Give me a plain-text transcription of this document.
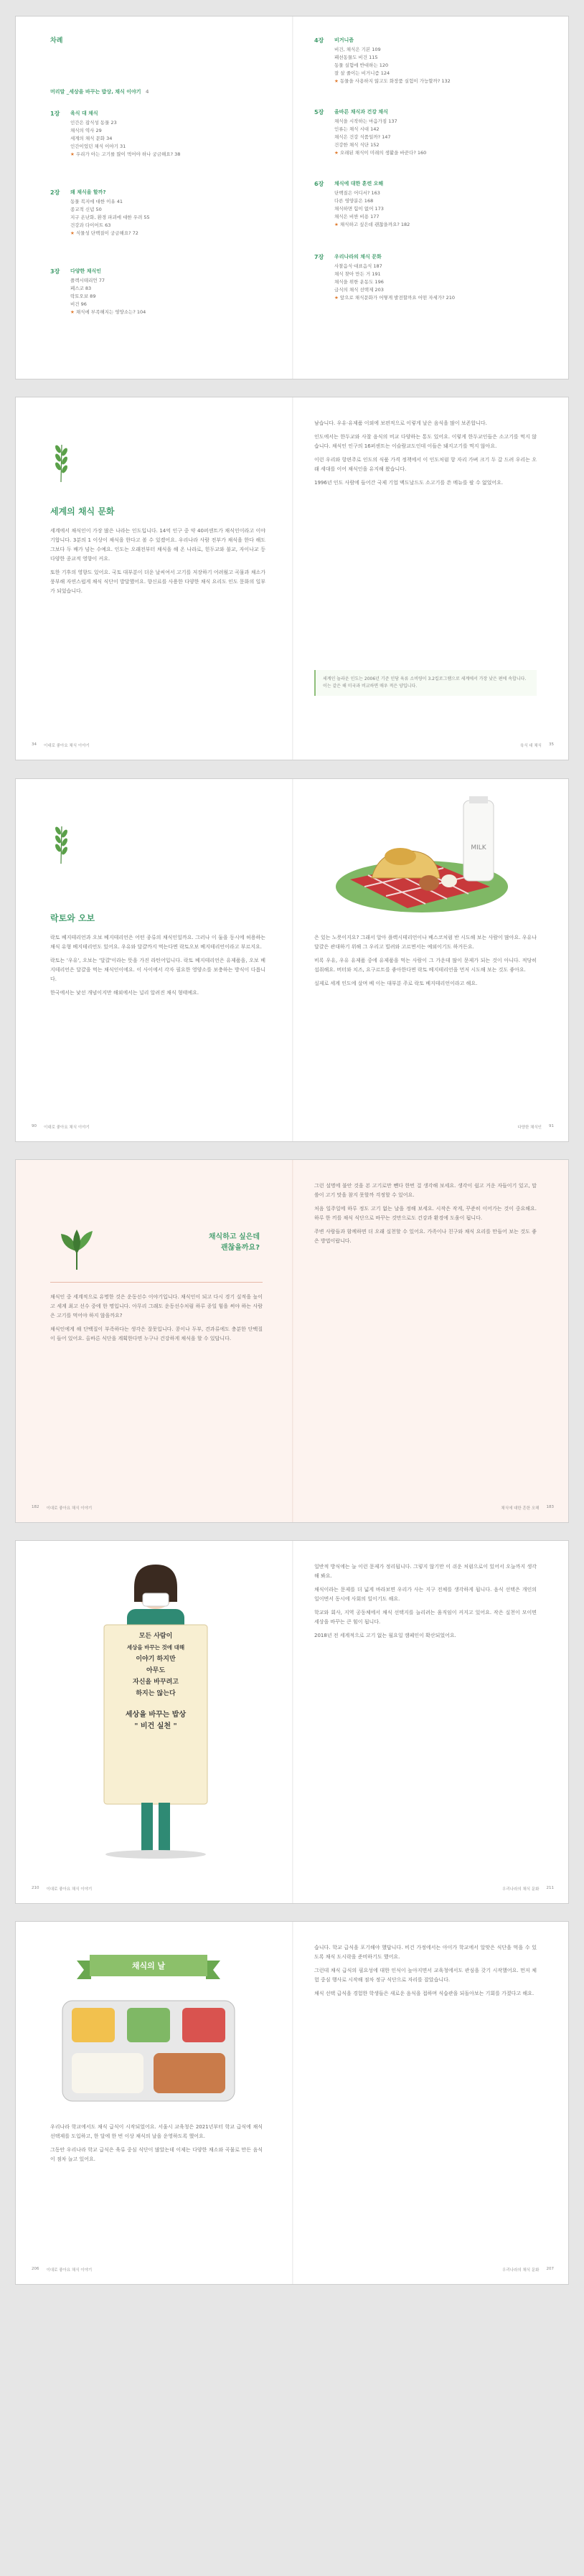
차례
머리말 _세상을 바꾸는 밥상, 채식 이야기 4
1장 육식 대 채식
인간은 잡식성 동물 23
채식의 역사 29
세계의 채식 문화 34
인간이었던 채식 이야기 31
★ 우리가 아는 고기를 많이 먹어야 하나 궁금해요? 38
2장 왜 채식을 할까?
동물 복지에 대한 이유 41
종교적 신념 50
지구 온난화, 환경 파괴에 대한 우려 55
건강과 다이어트 63
★ 식물성 단백질이 궁금해요? 72
3장 다양한 채식인
플렉시테리언 77
페스코 83
락토오보 89
비건 96
★ 채식에 부족해지는 영양소는? 104
4장 비거니즘
비건, 채식은 기본 109
패션동물도 비건 115
동물 실험에 반대하는 120
잘 살 줄이는 비거니즘 124
★ 동물을 사용하지 않고도 화장품 실험이 가능할까? 132
5장 올바른 채식과 건강 채식
채식을 시작하는 마음가짐 137
인류는 채식 시대 142
채식은 건강 식품일까? 147
건강한 채식 식단 152
★ 오래된 채식이 미래의 생활을 바꾼다? 160
6장 채식에 대한 훈련 오해
단백질은 어디서? 163
다른 영양분은 168
채식하면 힘이 없어 173
채식은 비싼 비용 177
★ 채식하고 싶은데 괜찮을까요? 182
7장 우리나라의 채식 문화
사찰음식·대표음식 187
채식 찾아 만든 거 191
채식을 위한 운동도 196
급식의 채식 선택제 203
★ 앞으로 채식문화가 어떻게 발전할까요 어떤 자세가? 210
세계의 채식 문화

세계에서 채식인이 가장 많은 나라는 인도입니다. 14억 인구 중 약 40퍼센트가 채식인이라고 이야기합니다. 3분의 1 이상이 채식을 한다고 볼 수 있겠어요. 우리나라 사람 전부가 채식을 한다 해도 그보다 두 배가 넘는 수예요. 인도는 오래전부터 채식을 해 온 나라로, 힌두교와 불교, 자이나교 등 다양한 종교적 영향이 커요.

또한 기후의 영향도 있어요. 국토 대부분이 더운 날씨여서 고기를 저장하기 어려웠고 곡물과 채소가 풍부해 자연스럽게 채식 식단이 발달했어요. 향신료를 사용한 다양한 채식 요리도 인도 문화의 일부가 되었습니다.

34 이대로 좋아요 채식 이야기

남습니다. 우유·유제품 이외에 보편적으로 이렇게 날은 음식을 많이 보존합니다.

인도에서는 한두교와 사찰 음식의 비교 다양하는 통도 있어요. 이렇게 한두교인들은 소고기를 먹지 않습니다. 채식인 인구의 16퍼센트는 이슬람교도인데 이들은 돼지고기를 먹지 않아요.

이런 우리와 항편주로 인도의 식품 가격 정책에서 이 인도처럼 항 자리 가벼 크기 두 갈 드려 우리는 오래 세대를 이어 채식인을 유지해 왔습니다.

1996년 인도 사람에 들어간 국제 기업 맥도날드도 소고기를 쓴 메뉴를 팔 수 없었어요.

세계인 놀라운 인도는 2006년 기준 인당 육류 소비량이 3.2킬로그램으로 세계에서 가장 낮은 편에 속합니다. 이는 같은 해 미국과 비교하면 매우 적은 양입니다.
육식 대 채식 35
락토와 오보

락토 베지테리언과 오보 베지테리언은 어떤 종류의 채식인일까요. 그러나 이 둘을 동시에 허용하는 채식 유형 베지테리언도 있어요. 우유와 달걀까지 먹는다면 락토오보 베지테리언이라고 부르지요.

락토는 '우유', 오보는 '달걀'이라는 뜻을 가진 라틴어입니다. 락토 베지테리언은 유제품을, 오보 베지테리언은 달걀을 먹는 채식인이에요. 이 사이에서 각자 필요한 영양소를 보충하는 방식이 다릅니다.

한국에서는 낯선 개념이지만 해외에서는 널리 알려진 채식 형태예요.

90 이대로 좋아요 채식 이야기
MILK

은 있는 노릇이지요? 그래서 알아 플렉시테리언이나 베스코처럼 반 시도해 보는 사람이 많아요. 우유나 달걀은 관대하기 위해 그 우리고 빌려와 고르면서는 예외이기도 하거든요.

비록 우유, 우유 유제품 중에 유제품을 먹는 사람이 그 가운데 많이 문제가 되는 것이 아니다. 적당히 섭취해요. 버터와 치즈, 요구르트를 좋아한다면 락토 베지테리언을 먼저 시도해 보는 것도 좋아요.

실제로 세계 인도에 살며 베 이는 대부분 주로 락토 베지테리언이라고 해요.

다양한 채식인 91
채식하고 싶은데
괜찮을까요?

채식인 중 세계적으로 유명한 것은 운동선수 이야기입니다. 채식인이 되고 다시 경기 실적을 높이고 세계 최고 선수 중에 한 명입니다. 아무리 그래도 운동선수처럼 하루 종일 힘을 써야 하는 사람은 고기를 먹어야 하지 않을까요?

채식인에게 해 단백질이 부족하다는 생각은 잘못입니다. 콩이나 두부, 견과류에도 충분한 단백질이 들어 있어요. 올바른 식단을 계획한다면 누구나 건강하게 채식을 할 수 있답니다.

182 이대로 좋아요 채식 이야기

그런 설명에 불안 것을 본 고기로만 뺀다 한번 걸 생각해 보세요. 생각이 쉽고 거운 자들이기 있고, 말씀이 고기 맛을 참지 못할까 걱정할 수 있어요.

처음 일주일에 하루 정도 고기 없는 날을 정해 보세요. 시작은 작게, 꾸준히 이어가는 것이 중요해요. 하루 한 끼를 채식 식단으로 바꾸는 것만으로도 건강과 환경에 도움이 됩니다.

주변 사람들과 함께하면 더 오래 실천할 수 있어요. 가족이나 친구와 채식 요리를 만들어 보는 것도 좋은 방법이랍니다.

채식에 대한 흔한 오해 183
모든 사람이
세상을 바꾸는 것에 대해
이야기 하지만
아무도
자신을 바꾸려고
하지는 않는다
세상을 바꾸는 밥상
" 비건 실천 "
210 이대로 좋아요 채식 이야기

일반적 방식에는 늘 이런 문제가 정리됩니다. 그렇지 않기만 이 쉬운 처럼으로이 있어서 오늘까지 생각해 봐요.

채식이라는 문제를 더 넓게 바라보면 우리가 사는 지구 전체를 생각하게 됩니다. 음식 선택은 개인의 일이면서 동시에 사회의 일이기도 해요.

학교와 회사, 지역 공동체에서 채식 선택지를 늘리려는 움직임이 커지고 있어요. 작은 실천이 모이면 세상을 바꾸는 큰 힘이 됩니다.

2018년 전 세계적으로 고기 없는 월요일 캠페인이 확산되었어요.

우리나라의 채식 문화 211
채식의 날

우리나라 학교에서도 채식 급식이 시작되었어요. 서울시 교육청은 2021년부터 학교 급식에 채식 선택제를 도입하고, 한 달에 한 번 이상 채식의 날을 운영하도록 했어요.

그동안 우리나라 학교 급식은 육류 중심 식단이 많았는데 이제는 다양한 채소와 곡물로 만든 음식이 점차 늘고 있어요.

206 이대로 좋아요 채식 이야기

습니다. 학교 급식을 포기해야 했답니다. 비건 가정에서는 아이가 학교에서 알맞은 식단을 먹을 수 있도록 채식 도시락을 준비하기도 했어요.

그런데 채식 급식의 필요성에 대한 인식이 높아지면서 교육청에서도 관심을 갖기 시작했어요. 먼저 체험 중심 행사로 시작해 점차 정규 식단으로 자리를 잡았습니다.

채식 선택 급식을 경험한 학생들은 새로운 음식을 접하며 식습관을 되돌아보는 기회를 가졌다고 해요.

우리나라의 채식 문화 207
